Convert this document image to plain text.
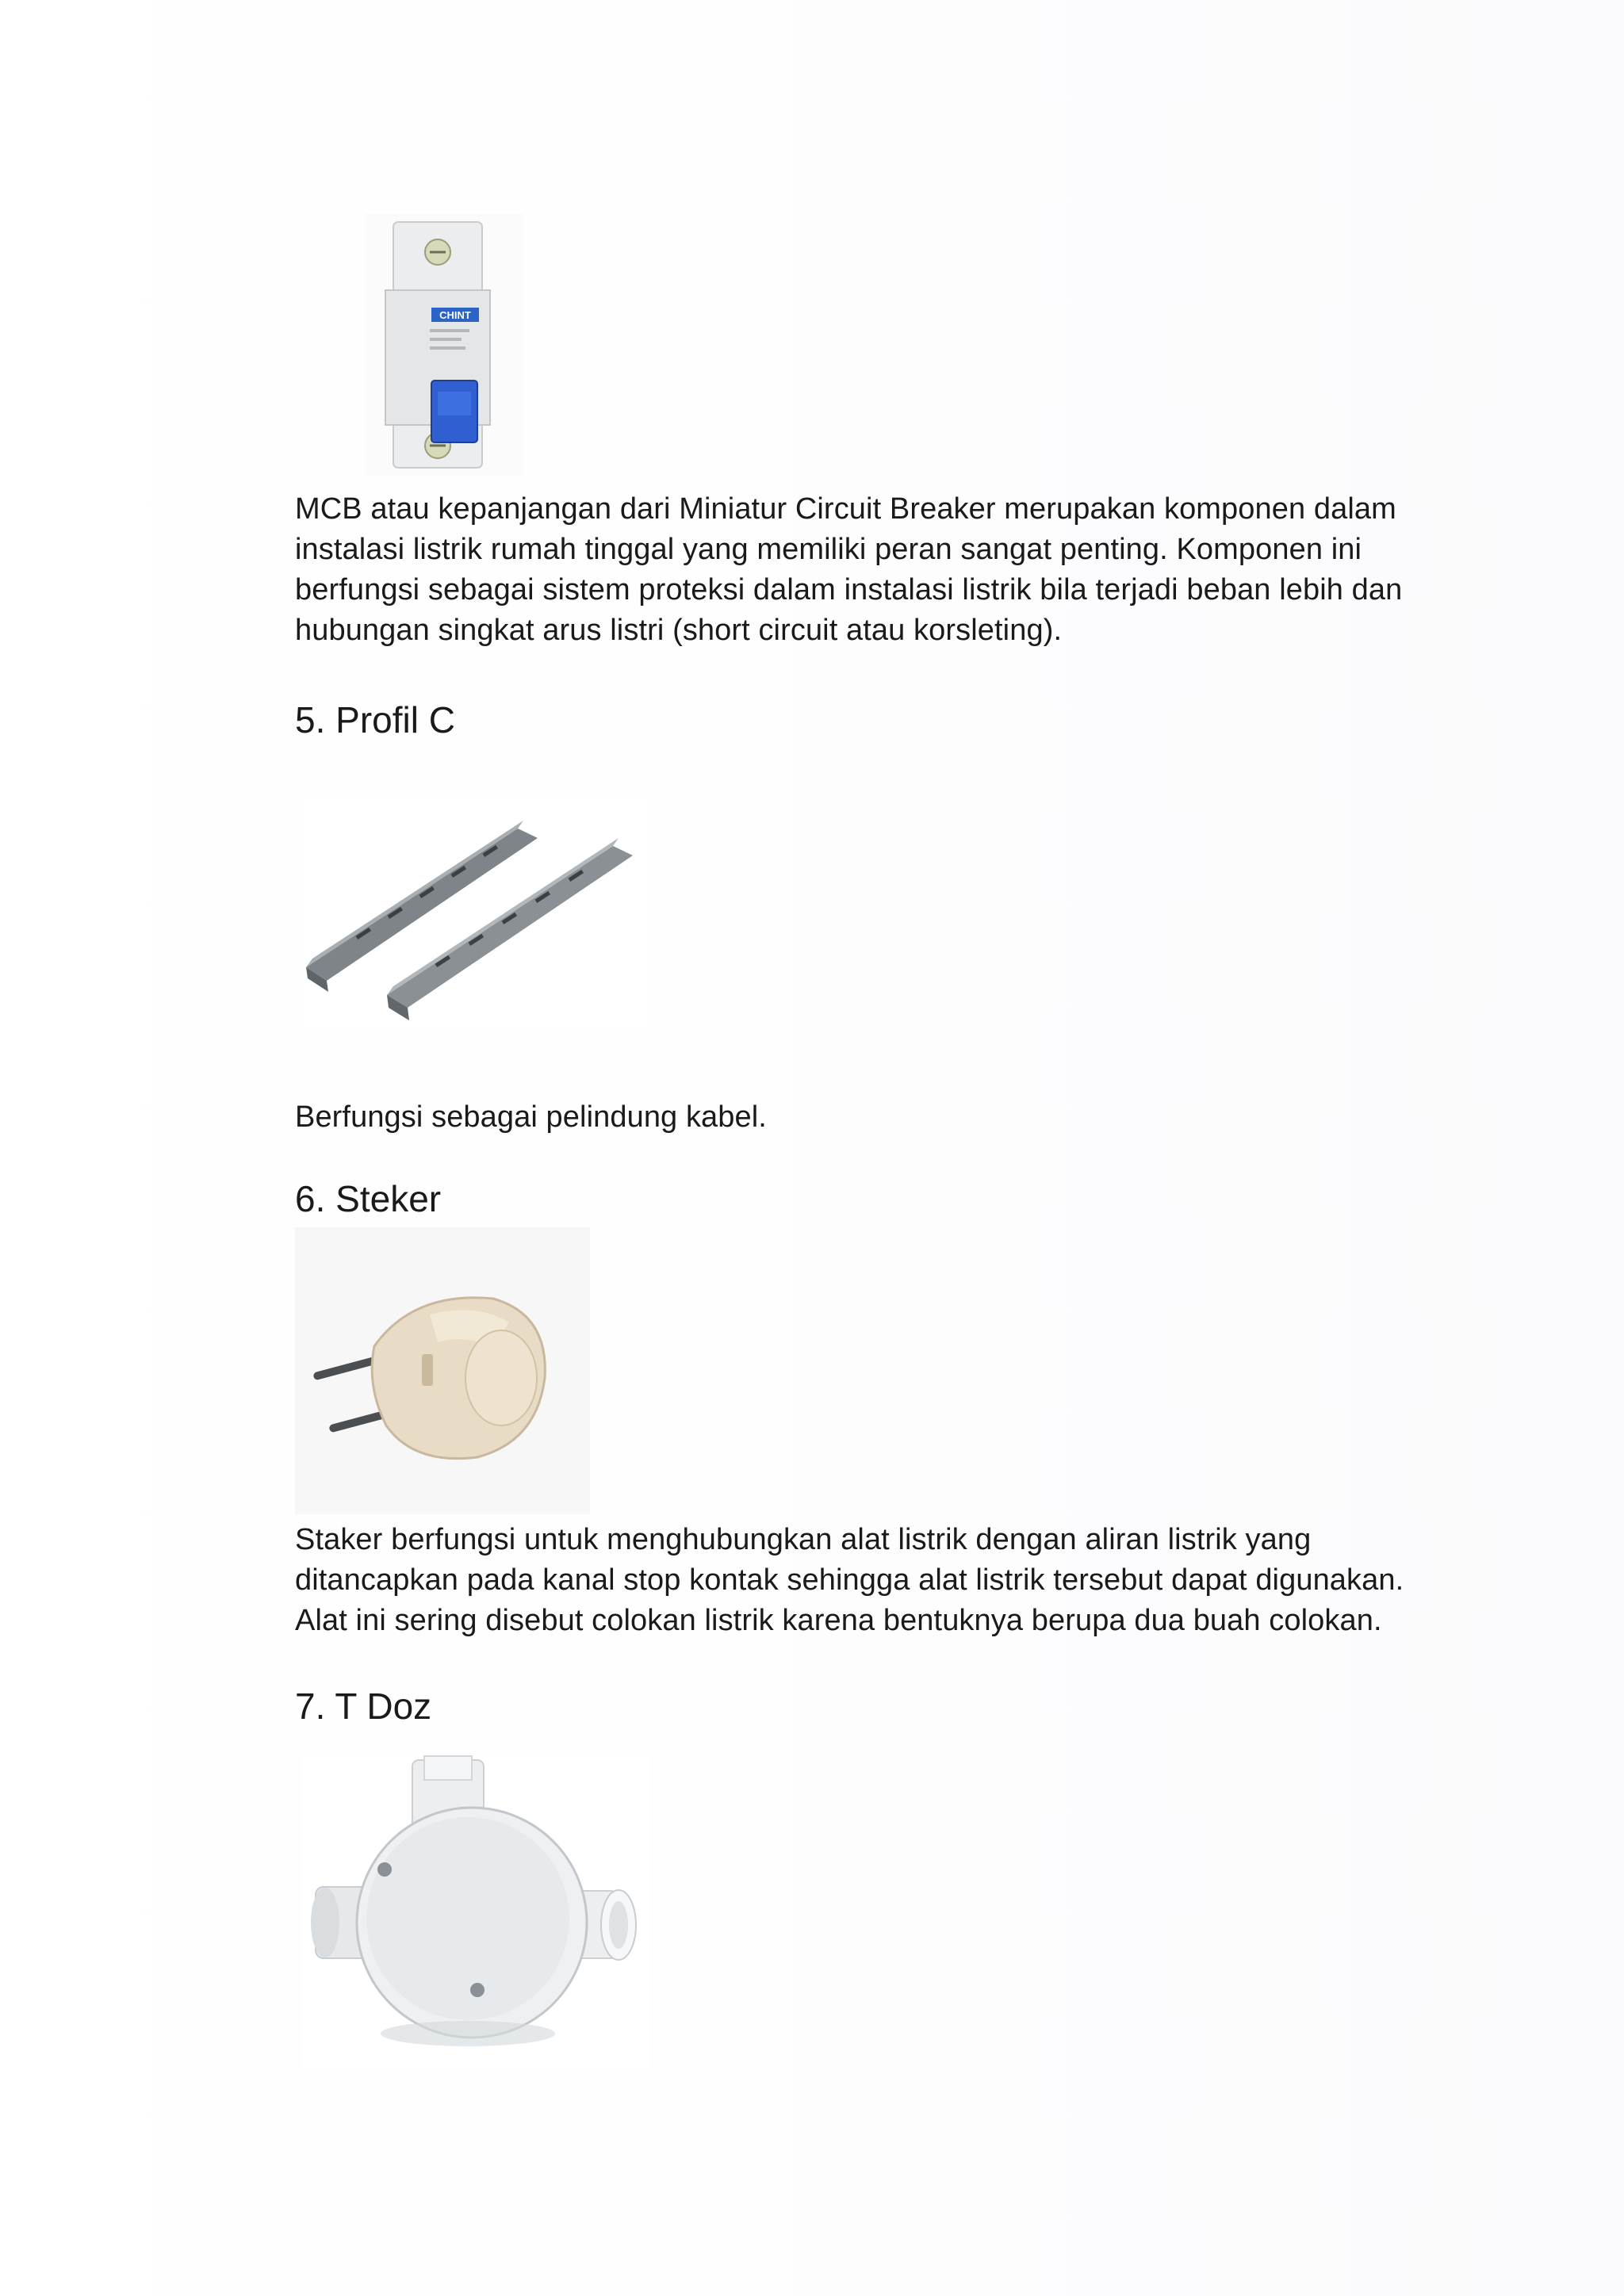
CHINT

MCB atau kepanjangan dari Miniatur Circuit Breaker merupakan komponen dalam
instalasi listrik rumah tinggal yang memiliki peran sangat penting. Komponen ini
berfungsi sebagai sistem proteksi dalam instalasi listrik bila terjadi beban lebih dan
hubungan singkat arus listri (short circuit atau korsleting).

5. Profil C

Berfungsi sebagai pelindung kabel.

6. Steker

Staker berfungsi untuk menghubungkan alat listrik dengan aliran listrik yang
ditancapkan pada kanal stop kontak sehingga alat listrik tersebut dapat digunakan.
Alat ini sering disebut colokan listrik karena bentuknya berupa dua buah colokan.

7. T Doz
